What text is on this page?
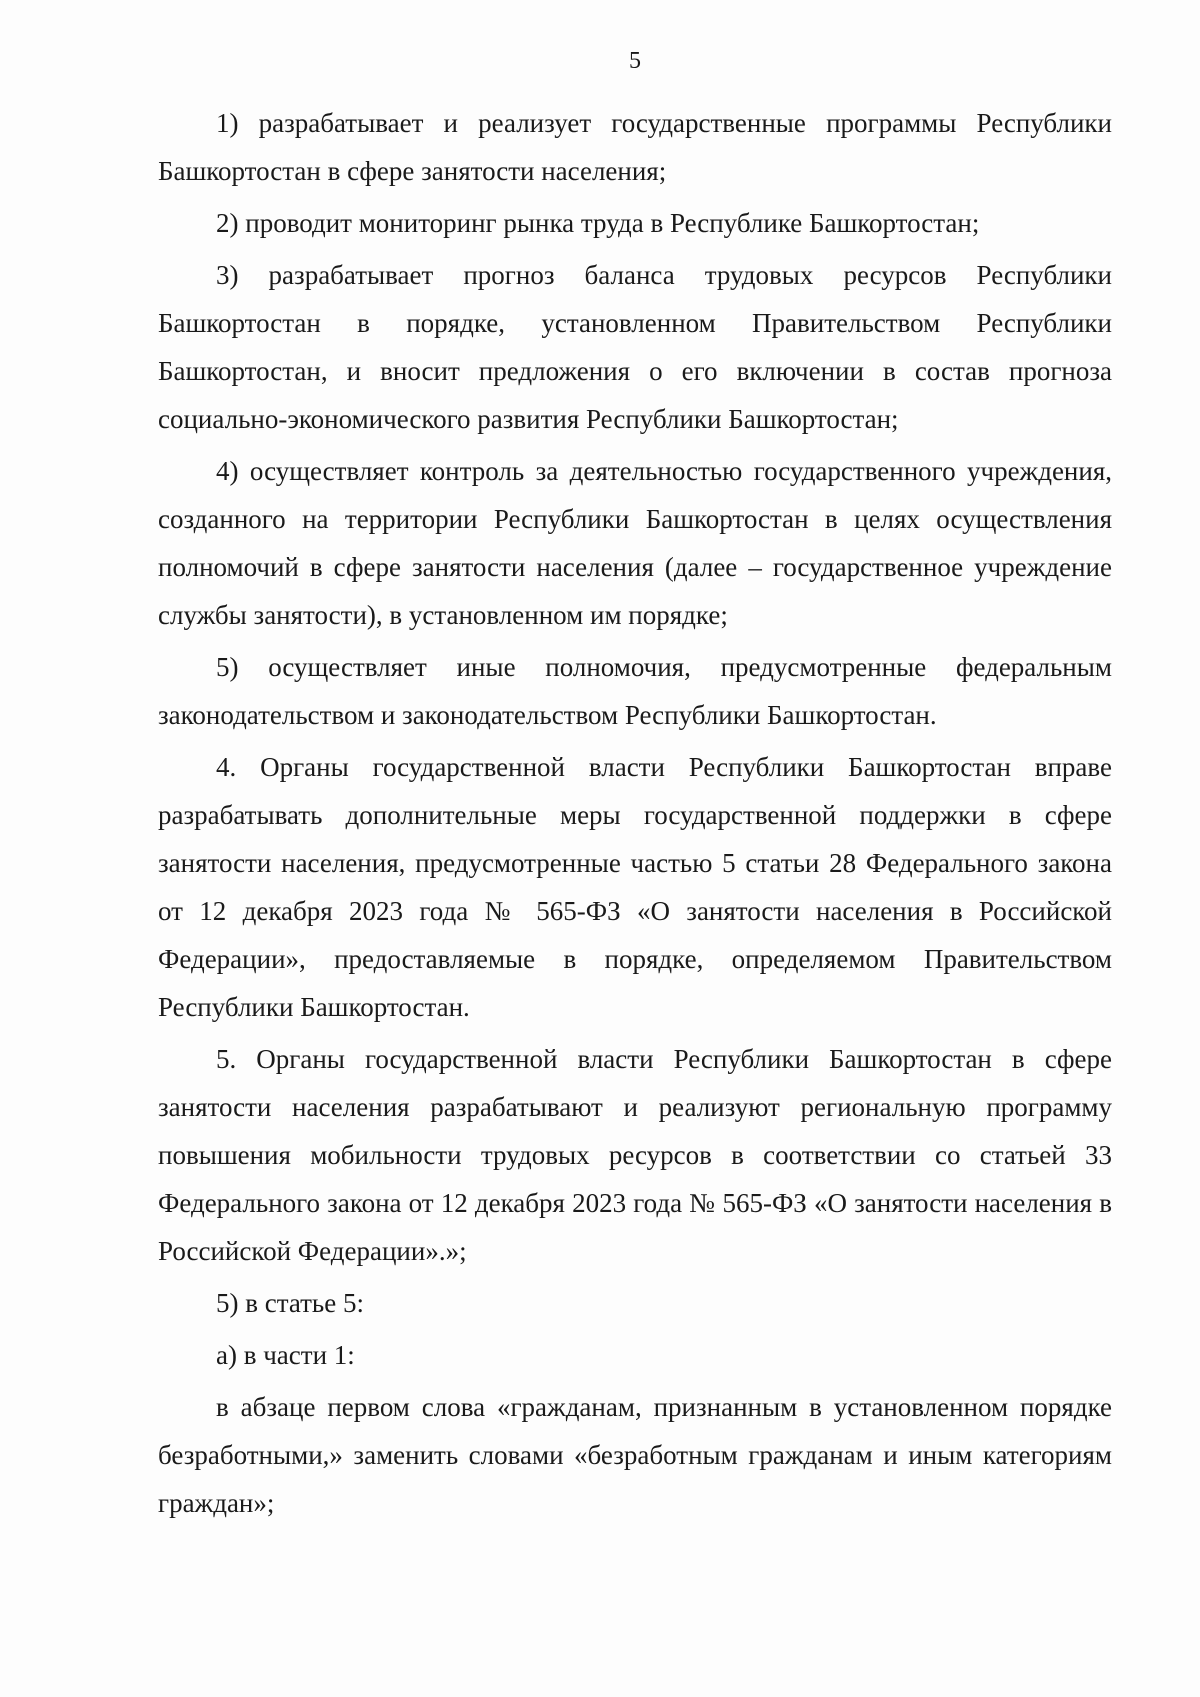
5

1) разрабатывает и реализует государственные программы Республики Башкортостан в сфере занятости населения;

2) проводит мониторинг рынка труда в Республике Башкортостан;

3) разрабатывает прогноз баланса трудовых ресурсов Республики Башкортостан в порядке, установленном Правительством Республики Башкортостан, и вносит предложения о его включении в состав прогноза социально-экономического развития Республики Башкортостан;

4) осуществляет контроль за деятельностью государственного учреждения, созданного на территории Республики Башкортостан в целях осуществления полномочий в сфере занятости населения (далее – государственное учреждение службы занятости), в установленном им порядке;

5) осуществляет иные полномочия, предусмотренные федеральным законодательством и законодательством Республики Башкортостан.

4. Органы государственной власти Республики Башкортостан вправе разрабатывать дополнительные меры государственной поддержки в сфере занятости населения, предусмотренные частью 5 статьи 28 Федерального закона от 12 декабря 2023 года № 565-ФЗ «О занятости населения в Российской Федерации», предоставляемые в порядке, определяемом Правительством Республики Башкортостан.

5. Органы государственной власти Республики Башкортостан в сфере занятости населения разрабатывают и реализуют региональную программу повышения мобильности трудовых ресурсов в соответствии со статьей 33 Федерального закона от 12 декабря 2023 года № 565-ФЗ «О занятости населения в Российской Федерации».»;

5) в статье 5:

а) в части 1:

в абзаце первом слова «гражданам, признанным в установленном порядке безработными,» заменить словами «безработным гражданам и иным категориям граждан»;
